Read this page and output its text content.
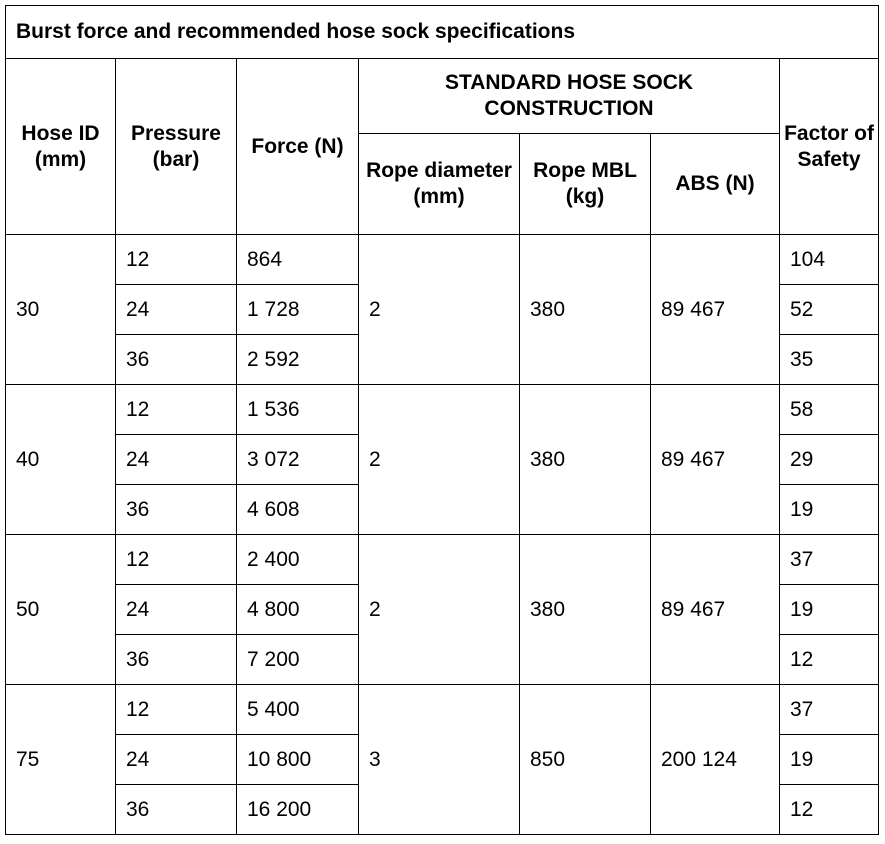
Burst force and recommended hose sock specifications						
Hose ID (mm)	Pressure (bar)	Force (N)	STANDARD HOSE SOCK CONSTRUCTION			Factor of Safety
			Rope diameter (mm)	Rope MBL (kg)	ABS (N)	
30	12	864	2	380	89 467	104
	24	1 728				52
	36	2 592				35
40	12	1 536	2	380	89 467	58
	24	3 072				29
	36	4 608				19
50	12	2 400	2	380	89 467	37
	24	4 800				19
	36	7 200				12
75	12	5 400	3	850	200 124	37
	24	10 800				19
	36	16 200				12
